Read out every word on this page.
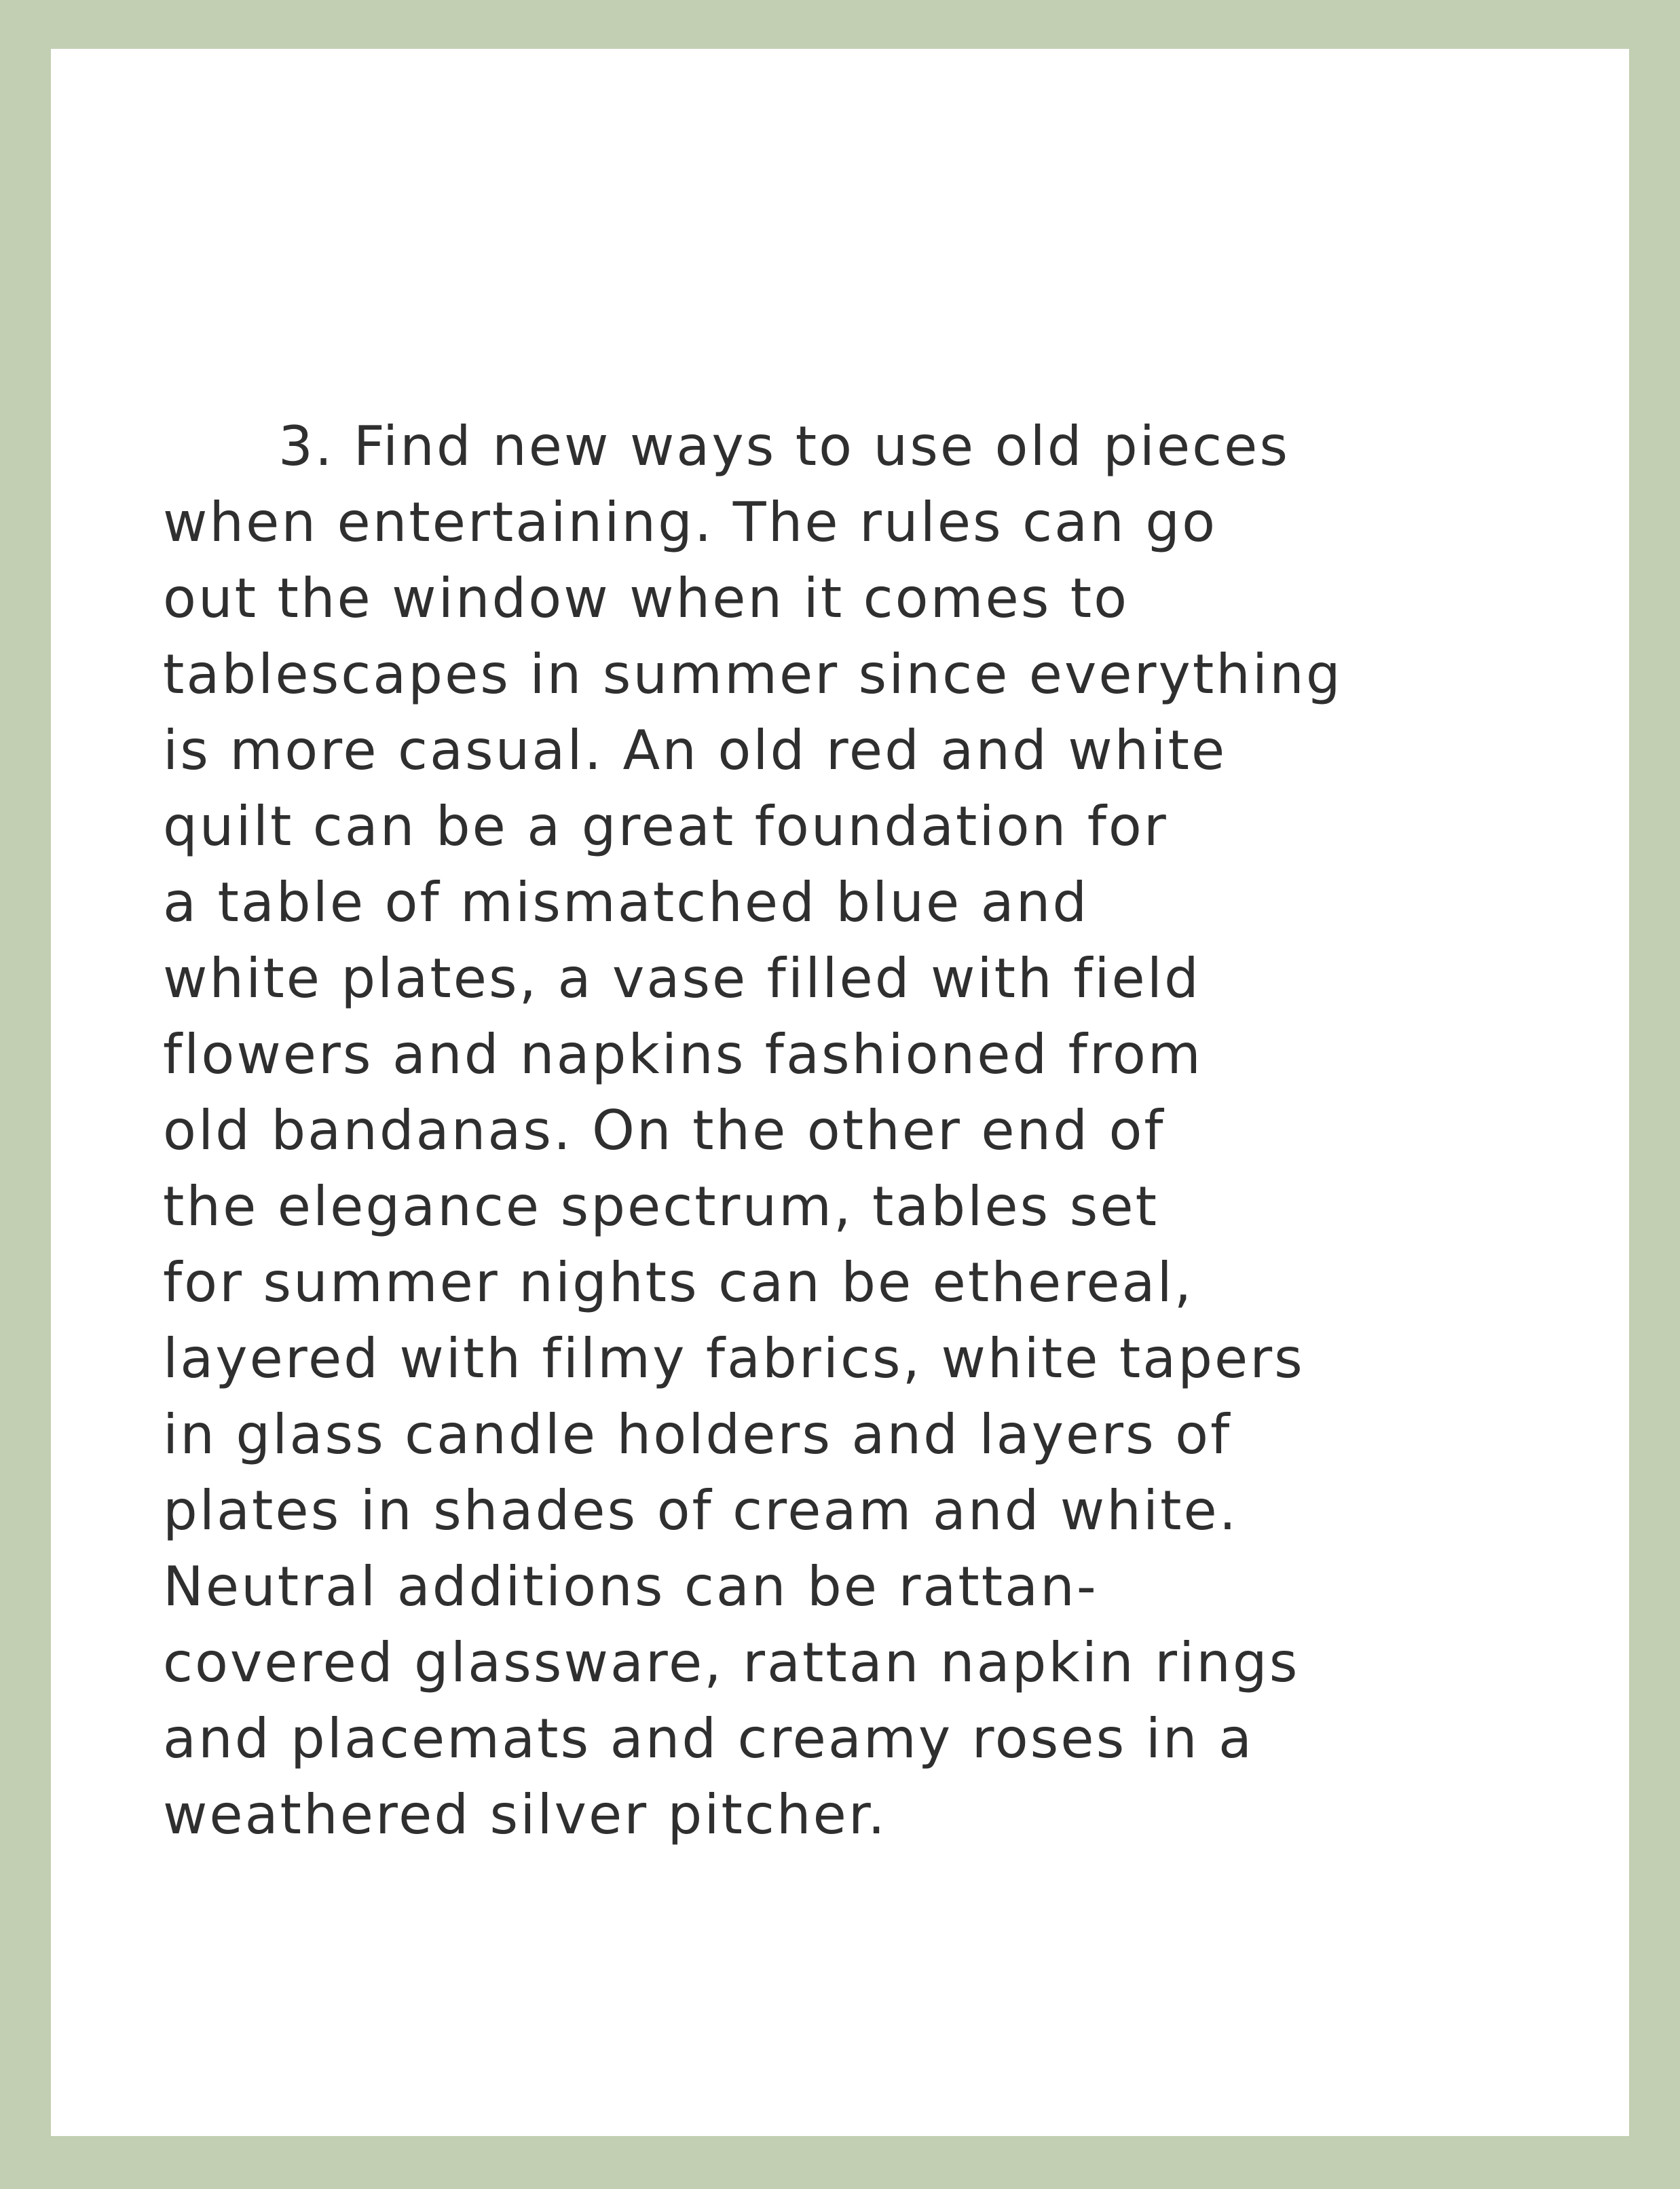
3. Find new ways to use old pieces
when entertaining. The rules can go
out the window when it comes to
tablescapes in summer since everything
is more casual. An old red and white
quilt can be a great foundation for
a table of mismatched blue and
white plates, a vase filled with field
flowers and napkins fashioned from
old bandanas. On the other end of
the elegance spectrum, tables set
for summer nights can be ethereal,
layered with filmy fabrics, white tapers
in glass candle holders and layers of
plates in shades of cream and white.
Neutral additions can be rattan-
covered glassware, rattan napkin rings
and placemats and creamy roses in a
weathered silver pitcher.
